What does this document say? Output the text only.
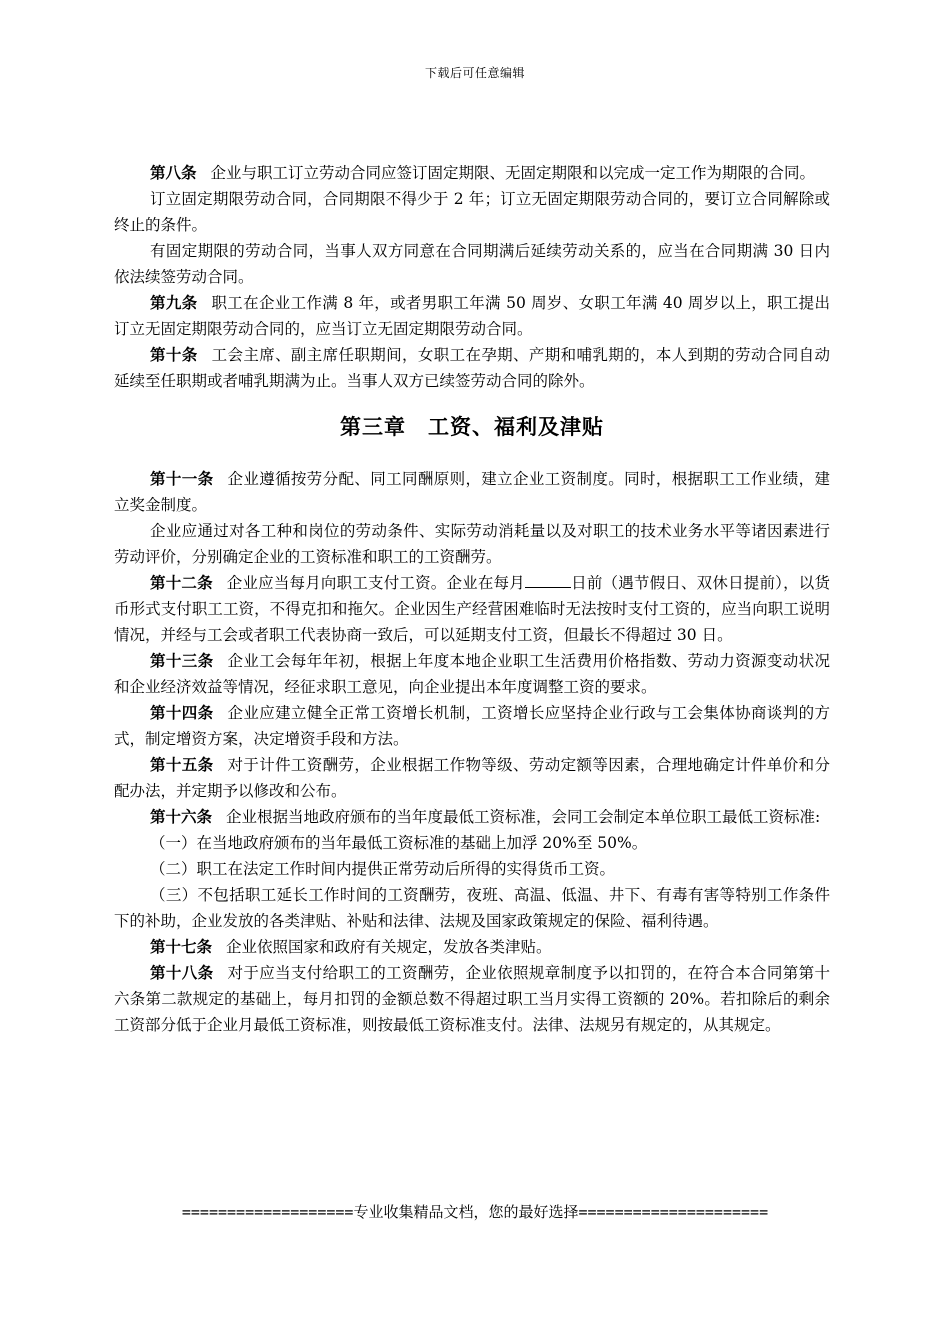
下载后可任意编辑

第八条 企业与职工订立劳动合同应签订固定期限、无固定期限和以完成一定工作为期限的合同。

订立固定期限劳动合同，合同期限不得少于 2 年；订立无固定期限劳动合同的，要订立合同解除或终止的条件。

有固定期限的劳动合同，当事人双方同意在合同期满后延续劳动关系的，应当在合同期满 30 日内依法续签劳动合同。

第九条 职工在企业工作满 8 年，或者男职工年满 50 周岁、女职工年满 40 周岁以上，职工提出订立无固定期限劳动合同的，应当订立无固定期限劳动合同。

第十条 工会主席、副主席任职期间，女职工在孕期、产期和哺乳期的，本人到期的劳动合同自动延续至任职期或者哺乳期满为止。当事人双方已续签劳动合同的除外。

第三章　工资、福利及津贴

第十一条 企业遵循按劳分配、同工同酬原则，建立企业工资制度。同时，根据职工工作业绩，建立奖金制度。

企业应通过对各工种和岗位的劳动条件、实际劳动消耗量以及对职工的技术业务水平等诸因素进行劳动评价，分别确定企业的工资标准和职工的工资酬劳。

第十二条 企业应当每月向职工支付工资。企业在每月	日前（遇节假日、双休日提前），以货币形式支付职工工资，不得克扣和拖欠。企业因生产经营困难临时无法按时支付工资的，应当向职工说明情况，并经与工会或者职工代表协商一致后，可以延期支付工资，但最长不得超过 30 日。

第十三条 企业工会每年年初，根据上年度本地企业职工生活费用价格指数、劳动力资源变动状况和企业经济效益等情况，经征求职工意见，向企业提出本年度调整工资的要求。

第十四条 企业应建立健全正常工资增长机制，工资增长应坚持企业行政与工会集体协商谈判的方式，制定增资方案，决定增资手段和方法。

第十五条 对于计件工资酬劳，企业根据工作物等级、劳动定额等因素，合理地确定计件单价和分配办法，并定期予以修改和公布。

第十六条 企业根据当地政府颁布的当年度最低工资标准，会同工会制定本单位职工最低工资标准:

（一）在当地政府颁布的当年最低工资标准的基础上加浮 20%至 50%。

（二）职工在法定工作时间内提供正常劳动后所得的实得货币工资。

（三）不包括职工延长工作时间的工资酬劳，夜班、高温、低温、井下、有毒有害等特别工作条件下的补助，企业发放的各类津贴、补贴和法律、法规及国家政策规定的保险、福利待遇。

第十七条 企业依照国家和政府有关规定，发放各类津贴。

第十八条 对于应当支付给职工的工资酬劳，企业依照规章制度予以扣罚的，在符合本合同第第十六条第二款规定的基础上，每月扣罚的金额总数不得超过职工当月实得工资额的 20%。若扣除后的剩余工资部分低于企业月最低工资标准，则按最低工资标准支付。法律、法规另有规定的，从其规定。

===================专业收集精品文档，您的最好选择=====================
